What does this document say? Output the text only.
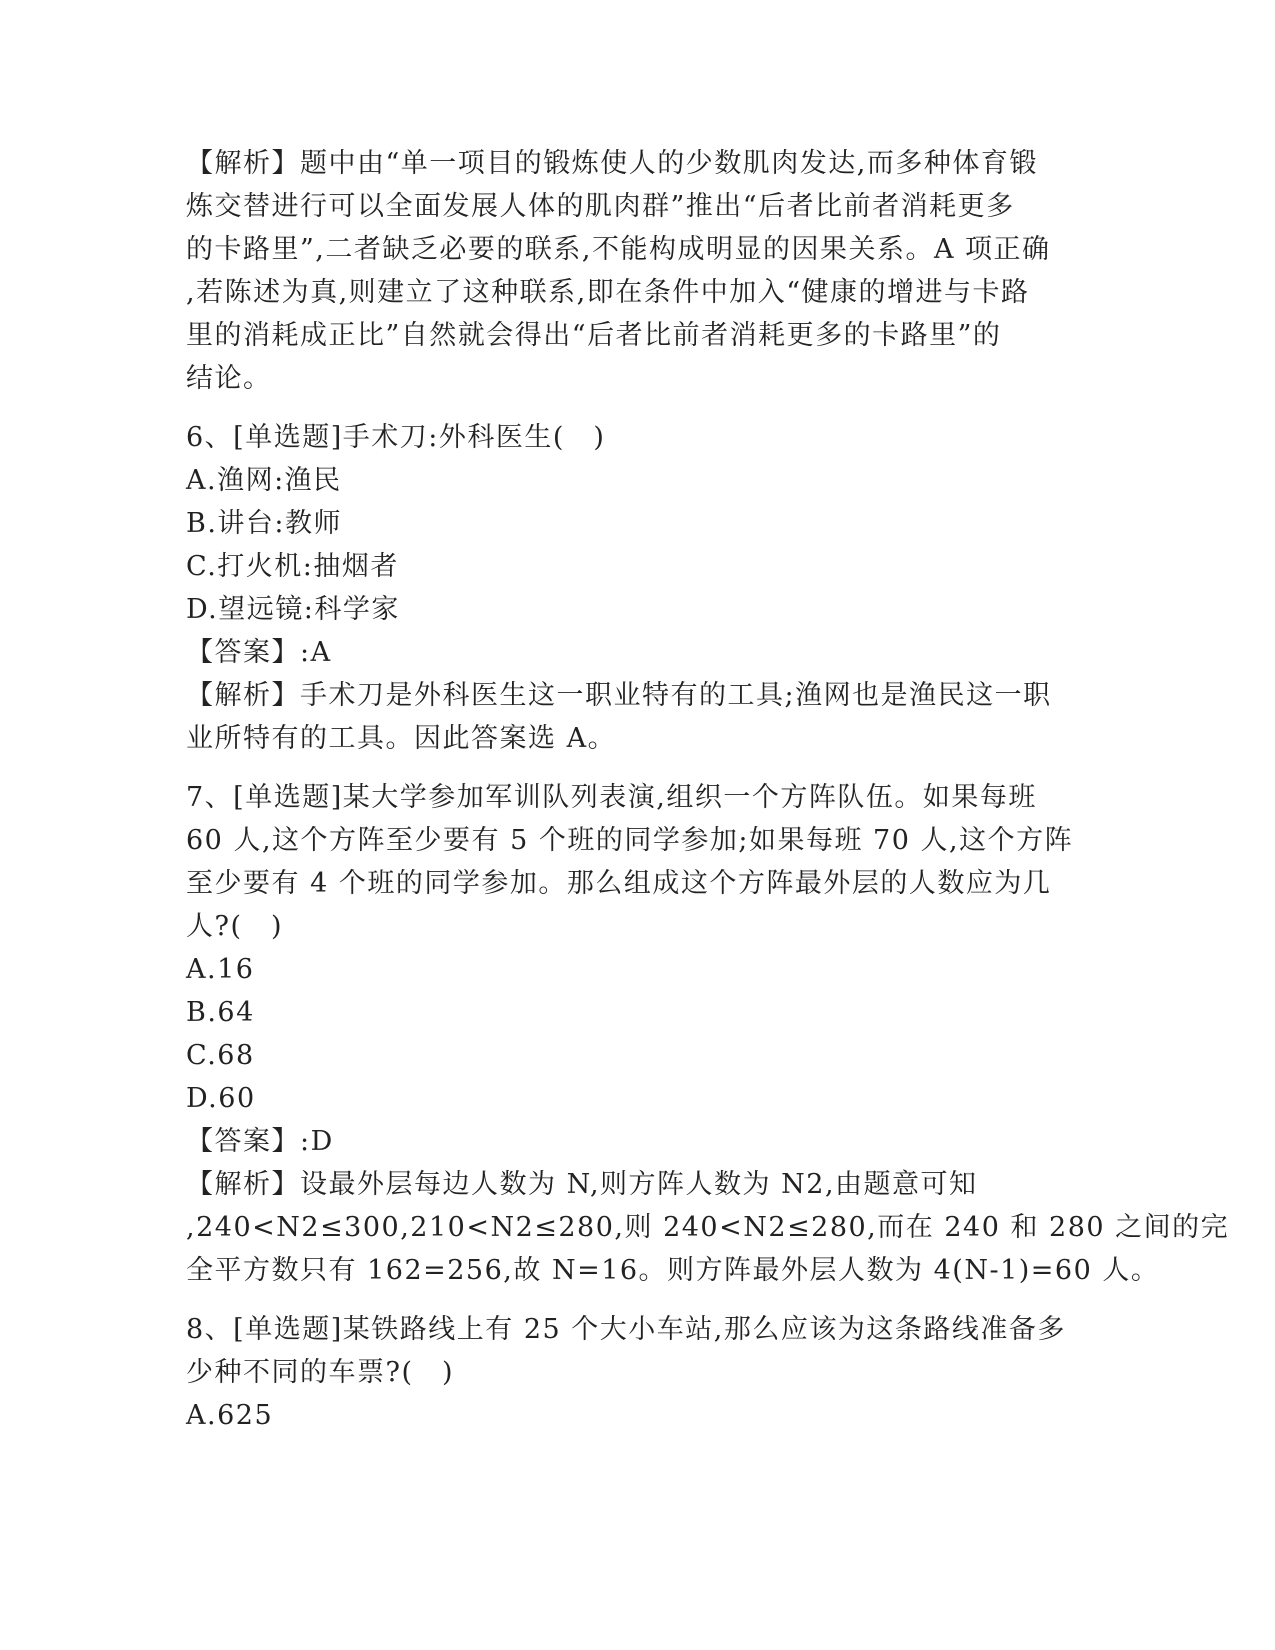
【解析】题中由“单一项目的锻炼使人的少数肌肉发达,而多种体育锻
炼交替进行可以全面发展人体的肌肉群”推出“后者比前者消耗更多
的卡路里”,二者缺乏必要的联系,不能构成明显的因果关系。A 项正确
,若陈述为真,则建立了这种联系,即在条件中加入“健康的增进与卡路
里的消耗成正比”自然就会得出“后者比前者消耗更多的卡路里”的
结论。
6、[单选题]手术刀:外科医生(　)
A.渔网:渔民
B.讲台:教师
C.打火机:抽烟者
D.望远镜:科学家
【答案】:A
【解析】手术刀是外科医生这一职业特有的工具;渔网也是渔民这一职
业所特有的工具。因此答案选 A。
7、[单选题]某大学参加军训队列表演,组织一个方阵队伍。如果每班
60 人,这个方阵至少要有 5 个班的同学参加;如果每班 70 人,这个方阵
至少要有 4 个班的同学参加。那么组成这个方阵最外层的人数应为几
人?(　)
A.16
B.64
C.68
D.60
【答案】:D
【解析】设最外层每边人数为 N,则方阵人数为 N2,由题意可知
,240<N2≤300,210<N2≤280,则 240<N2≤280,而在 240 和 280 之间的完
全平方数只有 162=256,故 N=16。则方阵最外层人数为 4(N-1)=60 人。
8、[单选题]某铁路线上有 25 个大小车站,那么应该为这条路线准备多
少种不同的车票?(　)
A.625
